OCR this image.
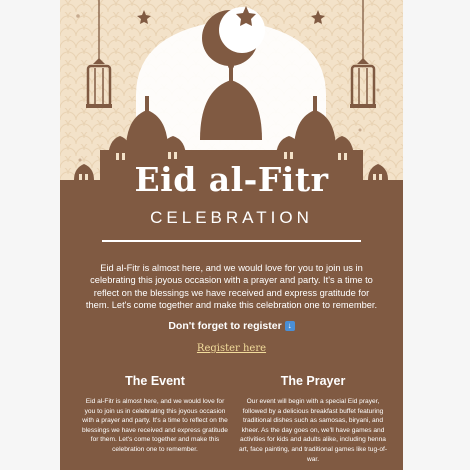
Eid al-Fitr

CELEBRATION

Eid al-Fitr is almost here, and we would love for you to join us in celebrating this joyous occasion with a prayer and party. It's a time to reflect on the blessings we have received and express gratitude for them. Let's come together and make this celebration one to remember.

Don't forget to register ↓

Register here

The Event

Eid al-Fitr is almost here, and we would love for you to join us in celebrating this joyous occasion with a prayer and party. It's a time to reflect on the blessings we have received and express gratitude for them. Let's come together and make this celebration one to remember.

The Prayer

Our event will begin with a special Eid prayer, followed by a delicious breakfast buffet featuring traditional dishes such as samosas, biryani, and kheer. As the day goes on, we'll have games and activities for kids and adults alike, including henna art, face painting, and traditional games like tug-of-war.
